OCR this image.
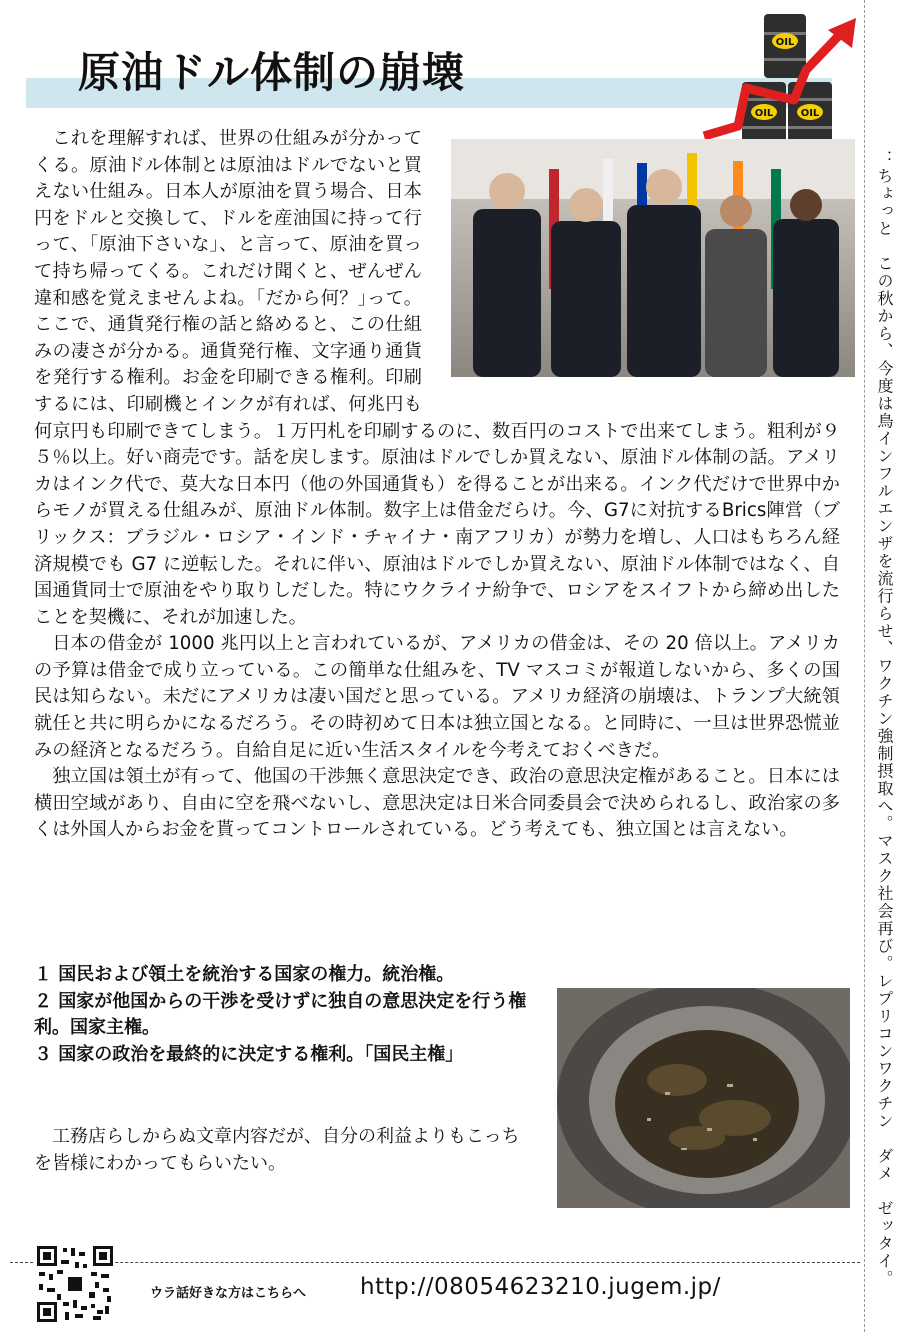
原油ドル体制の崩壊
OIL
OIL	OIL

これを理解すれば、世界の仕組みが分かってくる。原油ドル体制とは原油はドルでないと買えない仕組み。日本人が原油を買う場合、日本円をドルと交換して、ドルを産油国に持って行って、｢原油下さいな｣、と言って、原油を買って持ち帰ってくる。これだけ聞くと、ぜんぜん違和感を覚えませんよね。｢だから何？｣って。ここで、通貨発行権の話と絡めると、この仕組みの凄さが分かる。通貨発行権、文字通り通貨を発行する権利。お金を印刷できる権利。印刷するには、印刷機とインクが有れば、何兆円も何京円も印刷できてしまう。１万円札を印刷するのに、数百円のコストで出来てしまう。粗利が９５％以上。好い商売です。話を戻します。原油はドルでしか買えない、原油ドル体制の話。アメリカはインク代で、莫大な日本円（他の外国通貨も）を得ることが出来る。インク代だけで世界中からモノが買える仕組みが、原油ドル体制。数字上は借金だらけ。今、G7に対抗するBrics陣営（ブリックス：ブラジル・ロシア・インド・チャイナ・南アフリカ）が勢力を増し、人口はもちろん経済規模でも G7 に逆転した。それに伴い、原油はドルでしか買えない、原油ドル体制ではなく、自国通貨同士で原油をやり取りしだした。特にウクライナ紛争で、ロシアをスイフトから締め出したことを契機に、それが加速した。

日本の借金が 1000 兆円以上と言われているが、アメリカの借金は、その 20 倍以上。アメリカの予算は借金で成り立っている。この簡単な仕組みを、TV マスコミが報道しないから、多くの国民は知らない。未だにアメリカは凄い国だと思っている。アメリカ経済の崩壊は、トランプ大統領就任と共に明らかになるだろう。その時初めて日本は独立国となる。と同時に、一旦は世界恐慌並みの経済となるだろう。自給自足に近い生活スタイルを今考えておくべきだ。

独立国は領土が有って、他国の干渉無く意思決定でき、政治の意思決定権があること。日本には横田空域があり、自由に空を飛べないし、意思決定は日米合同委員会で決められるし、政治家の多くは外国人からお金を貰ってコントロールされている。どう考えても、独立国とは言えない。

１ 国民および領土を統治する国家の権力。統治権。
２ 国家が他国からの干渉を受けずに独自の意思決定を行う権利。国家主権。
３ 国家の政治を最終的に決定する権利。｢国民主権｣

工務店らしからぬ文章内容だが、自分の利益よりもこっちを皆様にわかってもらいたい。	：ちょっと　この秋から、今度は鳥インフルエンザを流行らせ、ワクチン強制摂取へ。マスク社会再び。レプリコンワクチン　ダメ　ゼッタイ。
ウラ話好きな方はこちらへ http://08054623210.jugem.jp/
